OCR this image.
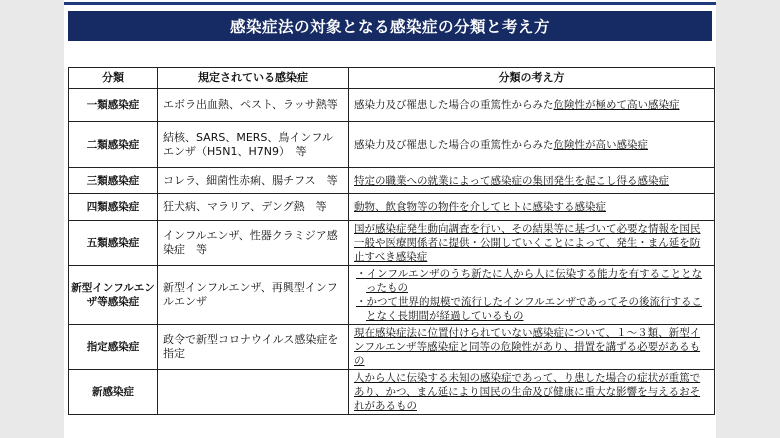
感染症法の対象となる感染症の分類と考え方
分類	規定されている感染症	分類の考え方
一類感染症	エボラ出血熱、ペスト、ラッサ熱等	感染力及び罹患した場合の重篤性からみた危険性が極めて高い感染症
二類感染症	結核、SARS、MERS、鳥インフルエンザ（H5N1、H7N9）　等	感染力及び罹患した場合の重篤性からみた危険性が高い感染症
三類感染症	コレラ、細菌性赤痢、腸チフス　等	特定の職業への就業によって感染症の集団発生を起こし得る感染症
四類感染症	狂犬病、マラリア、デング熱　等	動物、飲食物等の物件を介してヒトに感染する感染症
五類感染症	インフルエンザ、性器クラミジア感染症　等	国が感染症発生動向調査を行い、その結果等に基づいて必要な情報を国民一般や医療関係者に提供・公開していくことによって、発生・まん延を防止すべき感染症
新型インフルエンザ等感染症	新型インフルエンザ、再興型インフルエンザ	・インフルエンザのうち新たに人から人に伝染する能力を有することとなったもの
・かつて世界的規模で流行したインフルエンザであってその後流行することなく長期間が経過しているもの

指定感染症	政令で新型コロナウイルス感染症を指定	現在感染症法に位置付けられていない感染症について、１～３類、新型インフルエンザ等感染症と同等の危険性があり、措置を講ずる必要があるもの
新感染症		人から人に伝染する未知の感染症であって、り患した場合の症状が重篤であり、かつ、まん延により国民の生命及び健康に重大な影響を与えるおそれがあるもの
